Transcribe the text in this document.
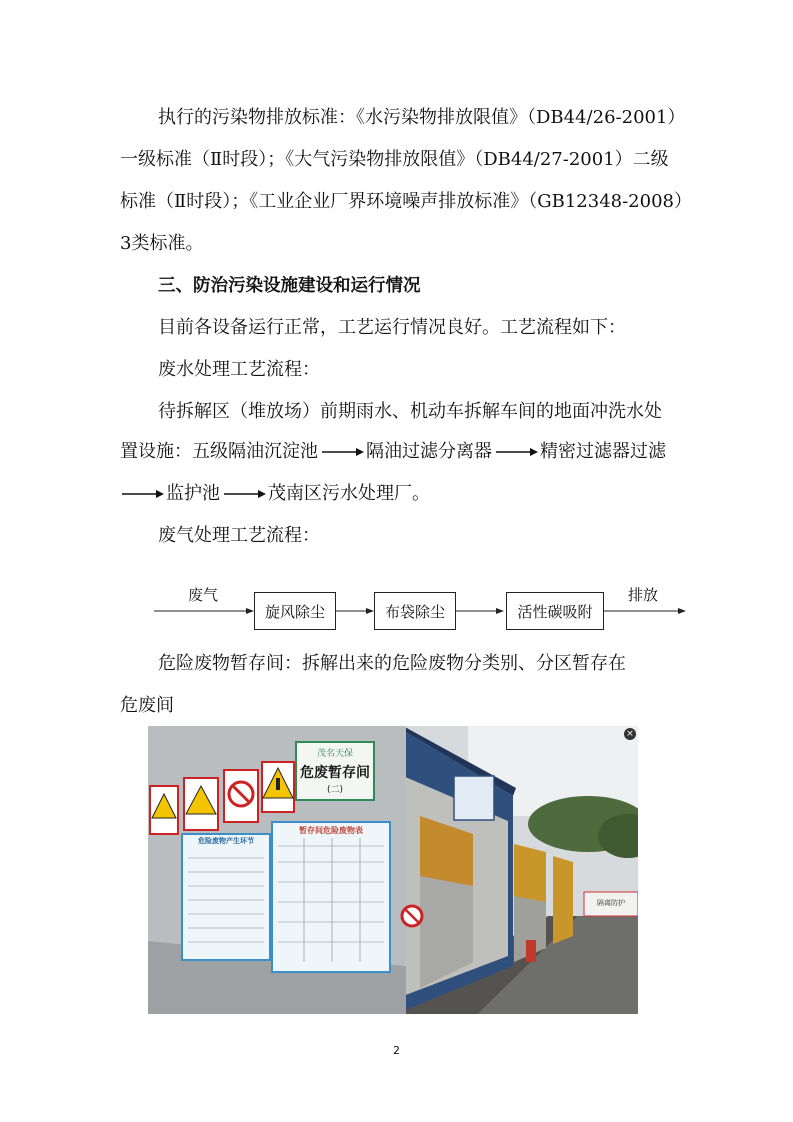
执行的污染物排放标准：《水污染物排放限值》（DB44/26-2001）
一级标准（Ⅱ时段）；《大气污染物排放限值》（DB44/27-2001）二级
标准（Ⅱ时段）；《工业企业厂界环境噪声排放标准》（GB12348-2008）
3类标准。
三、防治污染设施建设和运行情况
目前各设备运行正常，工艺运行情况良好。工艺流程如下：
废水处理工艺流程：
待拆解区（堆放场）前期雨水、机动车拆解车间的地面冲洗水处
置设施： 五级隔油沉淀池	隔油过滤分离器	精密过滤器过滤
监护池	茂南区污水处理厂。
废气处理工艺流程：
废气
旋风除尘	布袋除尘	活性碳吸附
排放
危险废物暂存间：拆解出来的危险废物分类别、分区暂存在
危废间
茂名天保
危废暂存间
(二)
危险废物产生环节
暂存间危险废物表
隔离防护
×
2
